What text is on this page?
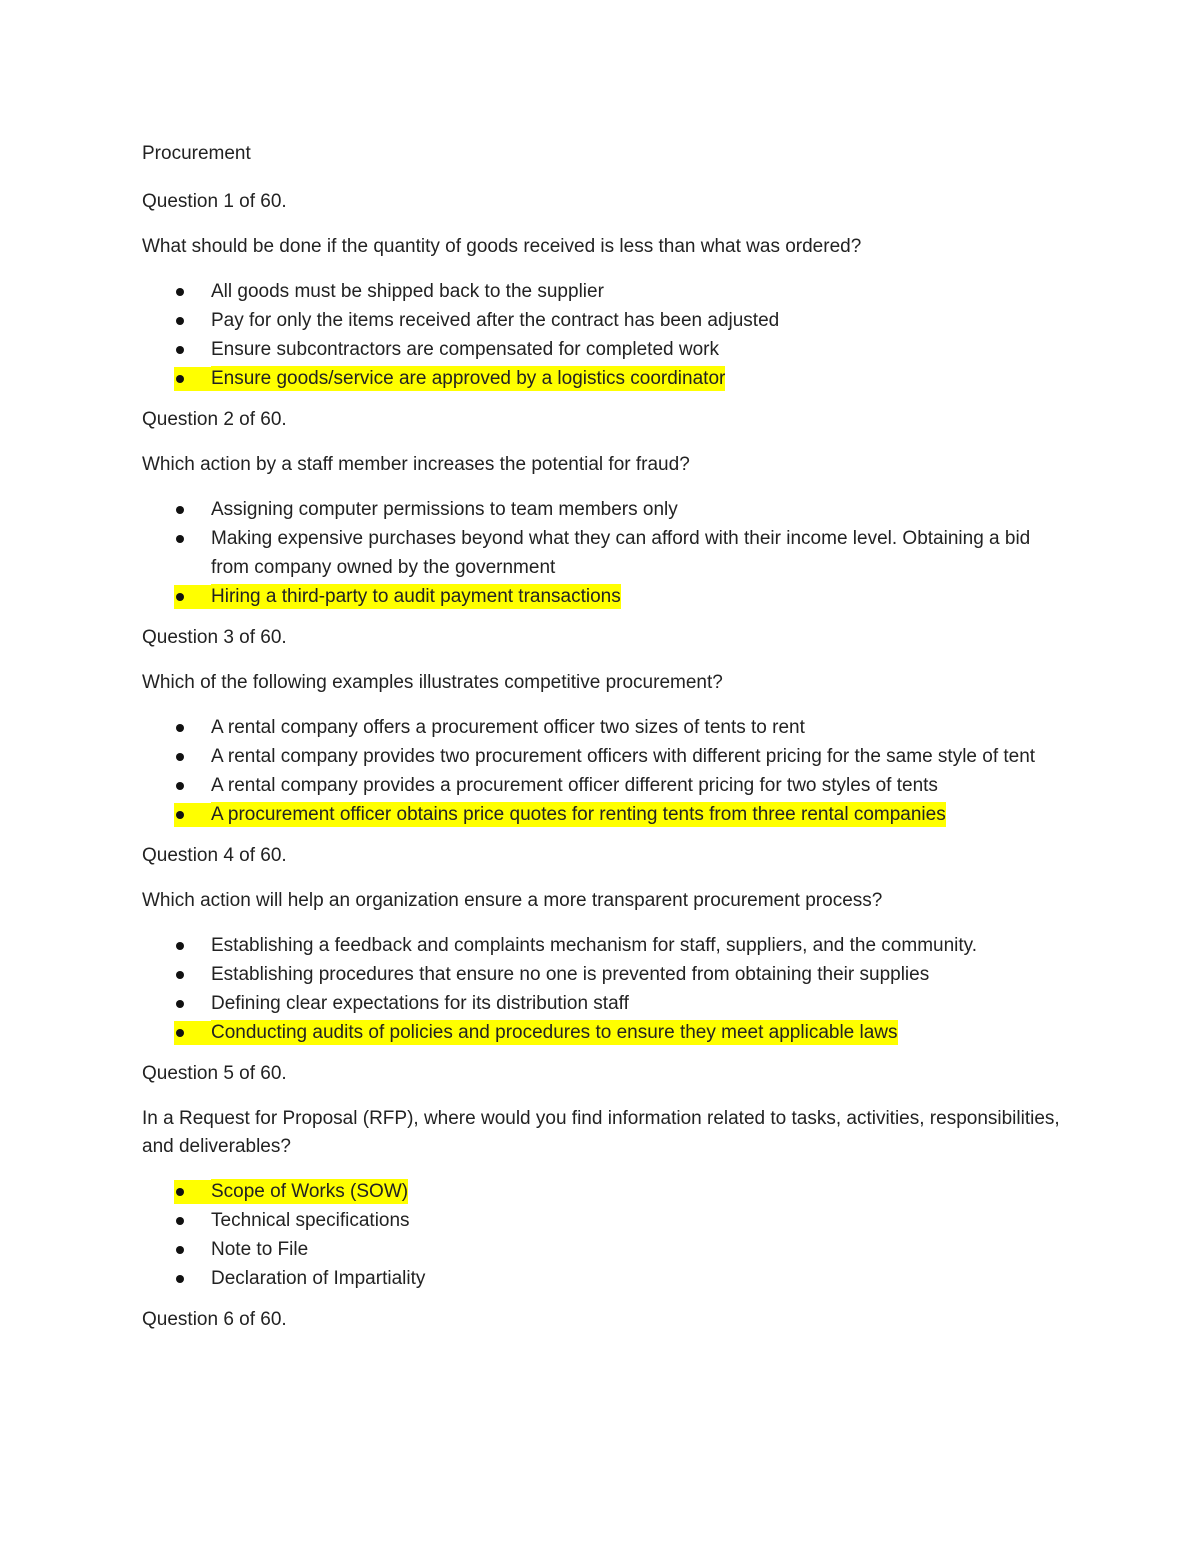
Procurement

Question 1 of 60.

What should be done if the quantity of goods received is less than what was ordered?

All goods must be shipped back to the supplier
Pay for only the items received after the contract has been adjusted
Ensure subcontractors are compensated for completed work
Ensure goods/service are approved by a logistics coordinator

Question 2 of 60.

Which action by a staff member increases the potential for fraud?

Assigning computer permissions to team members only
Making expensive purchases beyond what they can afford with their income level. Obtaining a bid from company owned by the government
Hiring a third-party to audit payment transactions

Question 3 of 60.

Which of the following examples illustrates competitive procurement?

A rental company offers a procurement officer two sizes of tents to rent
A rental company provides two procurement officers with different pricing for the same style of tent
A rental company provides a procurement officer different pricing for two styles of tents
A procurement officer obtains price quotes for renting tents from three rental companies

Question 4 of 60.

Which action will help an organization ensure a more transparent procurement process?

Establishing a feedback and complaints mechanism for staff, suppliers, and the community.
Establishing procedures that ensure no one is prevented from obtaining their supplies
Defining clear expectations for its distribution staff
Conducting audits of policies and procedures to ensure they meet applicable laws

Question 5 of 60.

In a Request for Proposal (RFP), where would you find information related to tasks, activities, responsibilities, and deliverables?

Scope of Works (SOW)
Technical specifications
Note to File
Declaration of Impartiality

Question 6 of 60.
